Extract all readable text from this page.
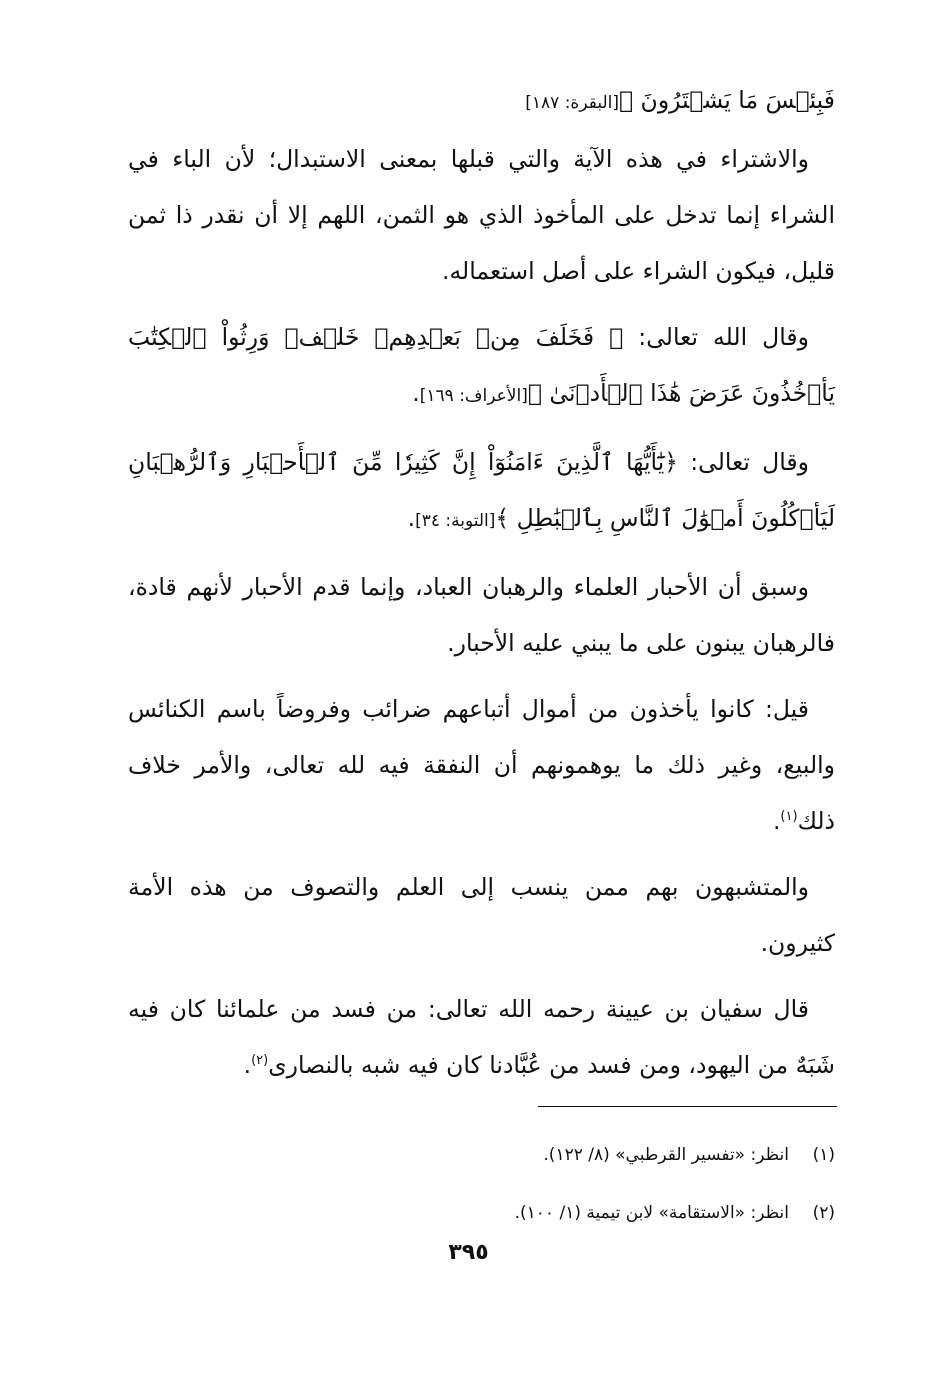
فَبِئۡسَ مَا يَشۡتَرُونَ ﴾[البقرة: ١٨٧]

والاشتراء في هذه الآية والتي قبلها بمعنى الاستبدال؛ لأن الباء في الشراء إنما تدخل على المأخوذ الذي هو الثمن، اللهم إلا أن نقدر ذا ثمن قليل، فيكون الشراء على أصل استعماله.

وقال الله تعالى: ﴿ فَخَلَفَ مِنۢ بَعۡدِهِمۡ خَلۡفٞ وَرِثُواْ ٱلۡكِتَٰبَ يَأۡخُذُونَ عَرَضَ هَٰذَا ٱلۡأَدۡنَىٰ ﴾[الأعراف: ١٦٩].

وقال تعالى: ﴿يَٰٓأَيُّهَا ٱلَّذِينَ ءَامَنُوٓاْ إِنَّ كَثِيرٗا مِّنَ ٱلۡأَحۡبَارِ وَٱلرُّهۡبَانِ لَيَأۡكُلُونَ أَمۡوَٰلَ ٱلنَّاسِ بِٱلۡبَٰطِلِ ﴾[التوبة: ٣٤].

وسبق أن الأحبار العلماء والرهبان العباد، وإنما قدم الأحبار لأنهم قادة، فالرهبان يبنون على ما يبني عليه الأحبار.

قيل: كانوا يأخذون من أموال أتباعهم ضرائب وفروضاً باسم الكنائس والبيع، وغير ذلك ما يوهمونهم أن النفقة فيه لله تعالى، والأمر خلاف ذلك$^{(١)}$.

والمتشبهون بهم ممن ينسب إلى العلم والتصوف من هذه الأمة كثيرون.

قال سفيان بن عيينة رحمه الله تعالى: من فسد من علمائنا كان فيه شَبَهٌ من اليهود، ومن فسد من عُبَّادنا كان فيه شبه بالنصارى$^{(٢)}$.

(١)انظر: «تفسير القرطبي» (٨/ ١٢٢).

(٢)انظر: «الاستقامة» لابن تيمية (١/ ١٠٠).

٣٩٥
